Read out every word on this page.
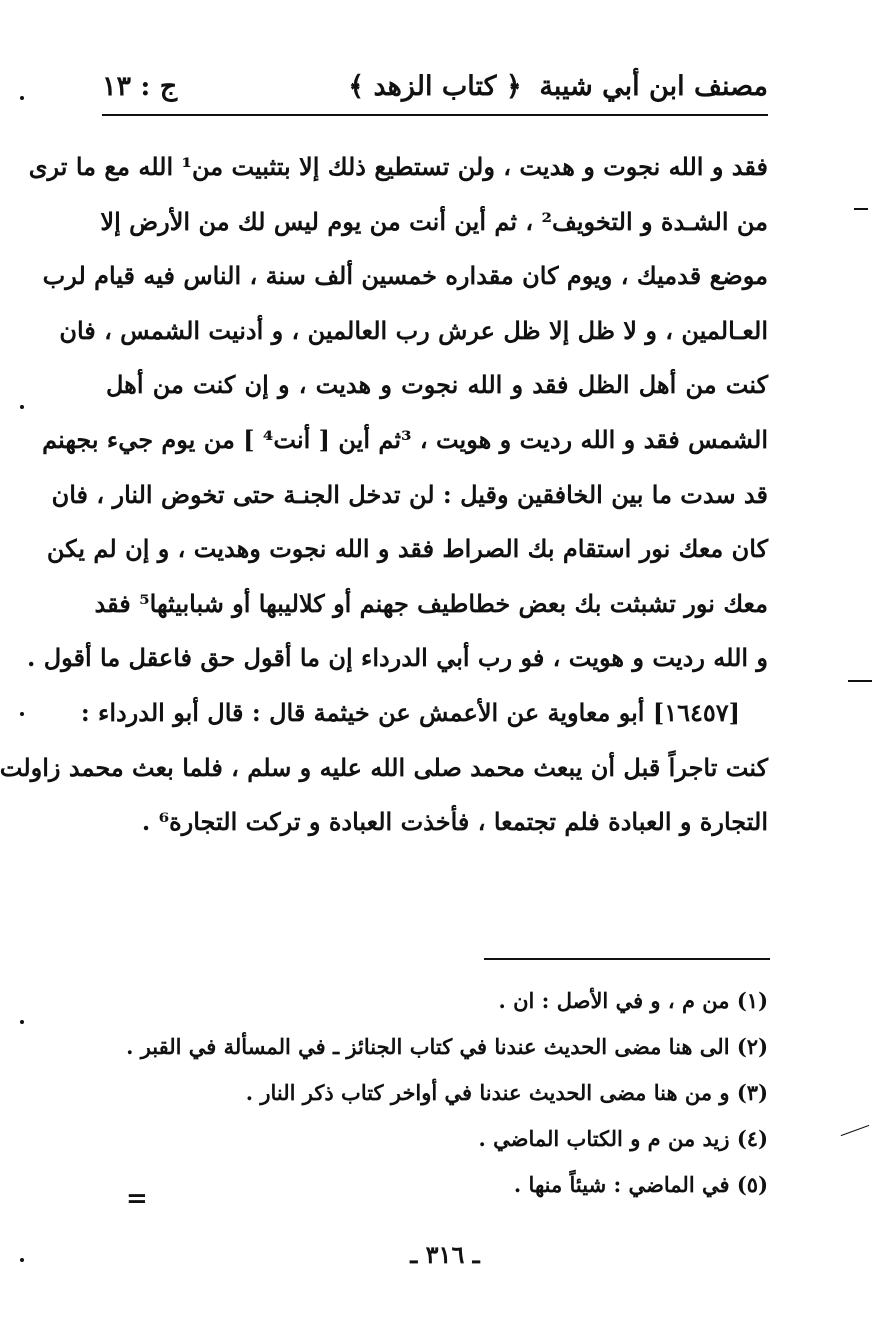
مصنف ابن أبي شيبة
﴿ كتاب الزهد ﴾
ج : ١٣
فقد و الله نجوت و هديت ، ولن تستطيع ذلك إلا بتثبيت من¹ الله مع ما ترى
من الشـدة و التخويف² ، ثم أين أنت من يوم ليس لك من الأرض إلا
موضع قدميك ، ويوم كان مقداره خمسين ألف سنة ، الناس فيه قيام لرب
العـالمين ، و لا ظل إلا ظل عرش رب العالمين ، و أدنيت الشمس ، فان
كنت من أهل الظل فقد و الله نجوت و هديت ، و إن كنت من أهل
الشمس فقد و الله رديت و هويت ، ³ثم أين [ أنت⁴ ] من يوم جيء بجهنم
قد سدت ما بين الخافقين وقيل : لن تدخل الجنـة حتى تخوض النار ، فان
كان معك نور استقام بك الصراط فقد و الله نجوت وهديت ، و إن لم يكن
معك نور تشبثت بك بعض خطاطيف جهنم أو كلاليبها أو شبابيثها⁵ فقد
و الله رديت و هويت ، فو رب أبي الدرداء إن ما أقول حق فاعقل ما أقول .
[١٦٤٥٧] أبو معاوية عن الأعمش عن خيثمة قال : قال أبو الدرداء :
كنت تاجراً قبل أن يبعث محمد صلى الله عليه و سلم ، فلما بعث محمد زاولت
التجارة و العبادة فلم تجتمعا ، فأخذت العبادة و تركت التجارة⁶ .
(١) من م ، و في الأصل : ان .
(٢) الى هنا مضى الحديث عندنا في كتاب الجنائز ـ في المسألة في القبر .
(٣) و من هنا مضى الحديث عندنا في أواخر كتاب ذكر النار .
(٤) زيد من م و الكتاب الماضي .
(٥) في الماضي : شيئاً منها .
=
ـ ٣١٦ ـ
